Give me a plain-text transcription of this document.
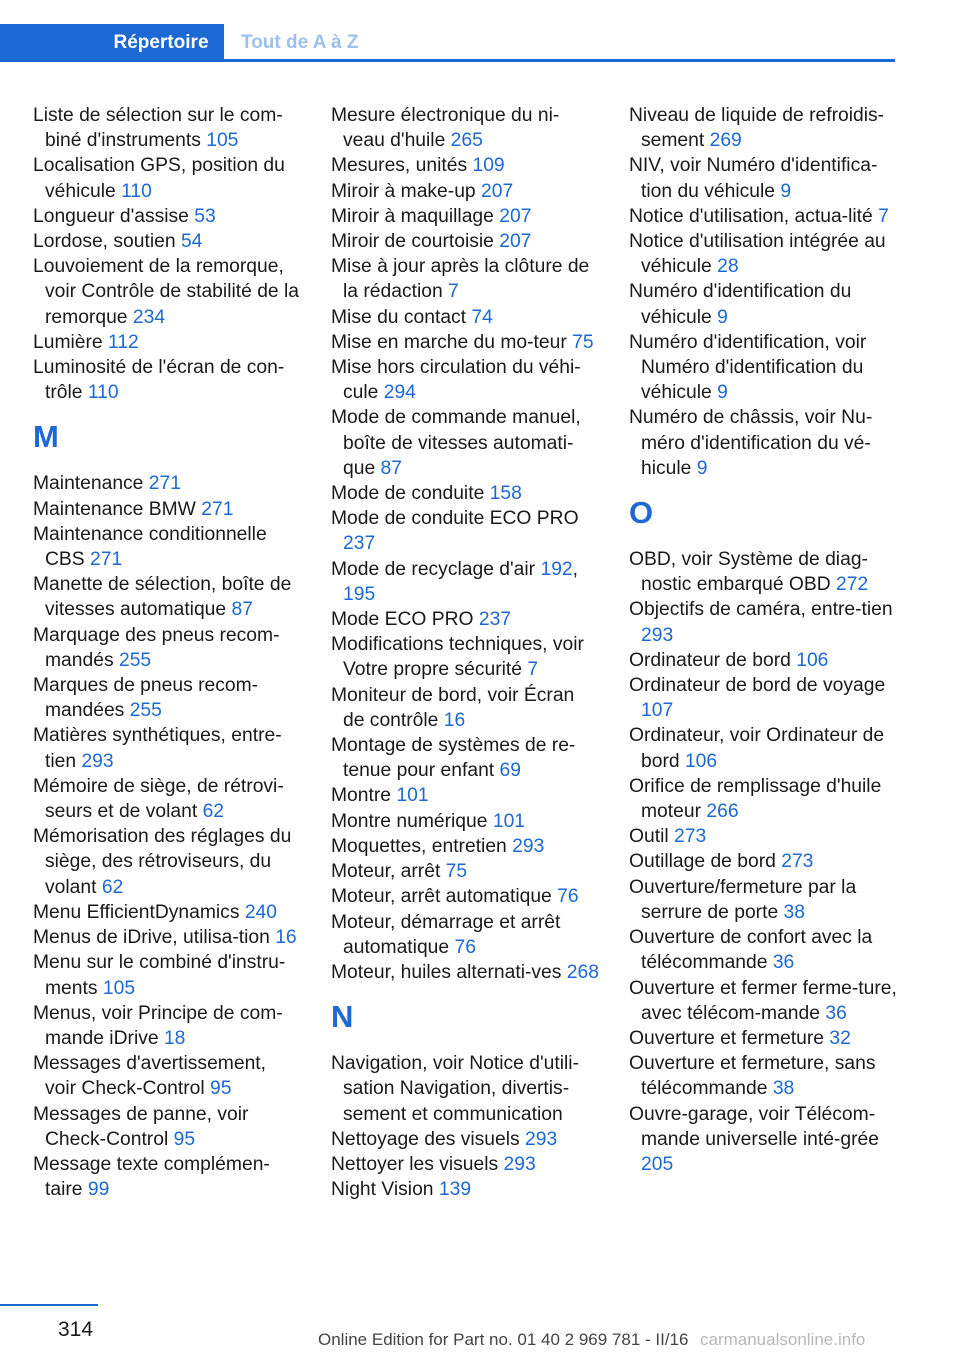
Répertoire	Tout de A à Z

Liste de sélection sur le com‐biné d'instruments 105

Localisation GPS, position du véhicule 110

Longueur d'assise 53

Lordose, soutien 54

Louvoiement de la remorque, voir Contrôle de stabilité de la remorque 234

Lumière 112

Luminosité de l'écran de con‐trôle 110

M

Maintenance 271

Maintenance BMW 271

Maintenance conditionnelle CBS 271

Manette de sélection, boîte de vitesses automatique 87

Marquage des pneus recom‐mandés 255

Marques de pneus recom‐mandées 255

Matières synthétiques, entre‐tien 293

Mémoire de siège, de rétrovi‐seurs et de volant 62

Mémorisation des réglages du siège, des rétroviseurs, du volant 62

Menu EfficientDynamics 240

Menus de iDrive, utilisa‐tion 16

Menu sur le combiné d'instru‐ments 105

Menus, voir Principe de com‐mande iDrive 18

Messages d'avertissement, voir Check-Control 95

Messages de panne, voir Check-Control 95

Message texte complémen‐taire 99

Mesure électronique du ni‐veau d'huile 265

Mesures, unités 109

Miroir à make-up 207

Miroir à maquillage 207

Miroir de courtoisie 207

Mise à jour après la clôture de la rédaction 7

Mise du contact 74

Mise en marche du mo‐teur 75

Mise hors circulation du véhi‐cule 294

Mode de commande manuel, boîte de vitesses automati‐que 87

Mode de conduite 158

Mode de conduite ECO PRO 237

Mode de recyclage d'air 192, 195

Mode ECO PRO 237

Modifications techniques, voir Votre propre sécurité 7

Moniteur de bord, voir Écran de contrôle 16

Montage de systèmes de re‐tenue pour enfant 69

Montre 101

Montre numérique 101

Moquettes, entretien 293

Moteur, arrêt 75

Moteur, arrêt automatique 76

Moteur, démarrage et arrêt automatique 76

Moteur, huiles alternati‐ves 268

N

Navigation, voir Notice d'utili‐sation Navigation, divertis‐sement et communication

Nettoyage des visuels 293

Nettoyer les visuels 293

Night Vision 139

Niveau de liquide de refroidis‐sement 269

NIV, voir Numéro d'identifica‐tion du véhicule 9

Notice d'utilisation, actua‐lité 7

Notice d'utilisation intégrée au véhicule 28

Numéro d'identification du véhicule 9

Numéro d'identification, voir Numéro d'identification du véhicule 9

Numéro de châssis, voir Nu‐méro d'identification du vé‐hicule 9

O

OBD, voir Système de diag‐nostic embarqué OBD 272

Objectifs de caméra, entre‐tien 293

Ordinateur de bord 106

Ordinateur de bord de voyage 107

Ordinateur, voir Ordinateur de bord 106

Orifice de remplissage d'huile moteur 266

Outil 273

Outillage de bord 273

Ouverture/fermeture par la serrure de porte 38

Ouverture de confort avec la télécommande 36

Ouverture et fermer ferme‐ture, avec télécom‐mande 36

Ouverture et fermeture 32

Ouverture et fermeture, sans télécommande 38

Ouvre-garage, voir Télécom‐mande universelle inté‐grée 205

314	Online Edition for Part no. 01 40 2 969 781 - II/16 carmanualsonline.info
